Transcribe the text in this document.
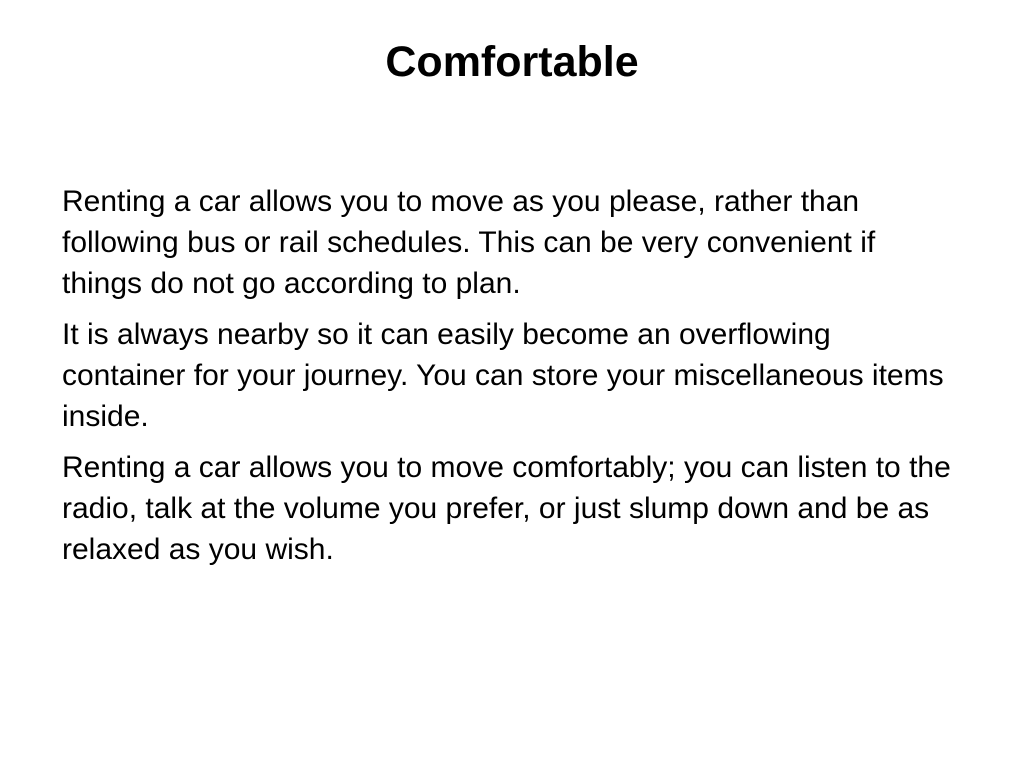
Comfortable

Renting a car allows you to move as you please, rather than following bus or rail schedules. This can be very convenient if things do not go according to plan.

It is always nearby so it can easily become an overflowing container for your journey. You can store your miscellaneous items inside.

Renting a car allows you to move comfortably; you can listen to the radio, talk at the volume you prefer, or just slump down and be as relaxed as you wish.
